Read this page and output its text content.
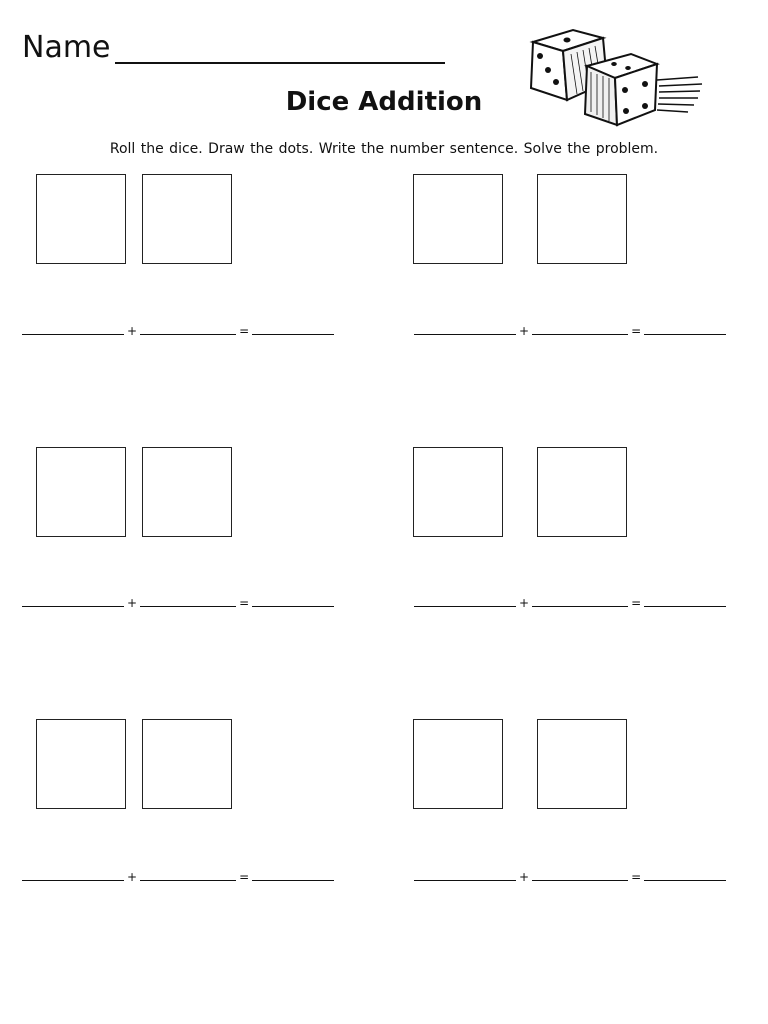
Name
Dice Addition
Roll the dice. Draw the dots. Write the number sentence. Solve the problem.
+	=	+	=
+	=	+	=
+	=	+	=
